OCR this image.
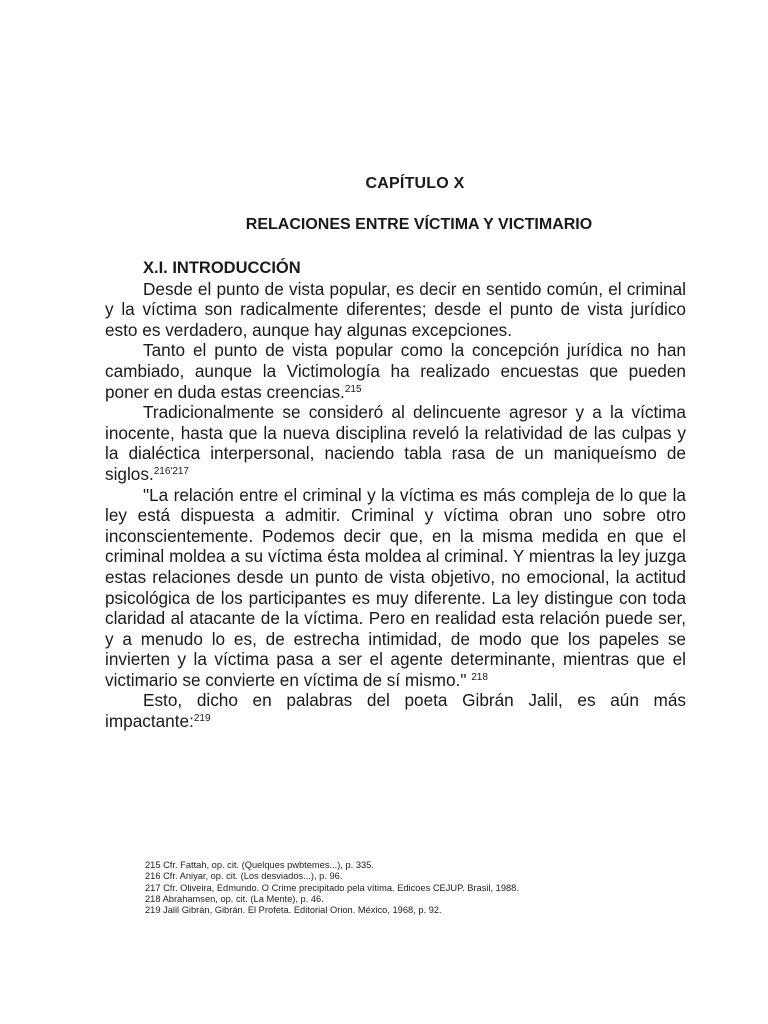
CAPÍTULO X
RELACIONES ENTRE VÍCTIMA Y VICTIMARIO
X.I. INTRODUCCIÓN

Desde el punto de vista popular, es decir en sentido común, el criminal y la víctima son radicalmente diferentes; desde el punto de vista jurídico esto es verdadero, aunque hay algunas excepciones.

Tanto el punto de vista popular como la concepción jurídica no han cambiado, aunque la Victimología ha realizado encuestas que pueden poner en duda estas creencias.$^{215}$

Tradicionalmente se consideró al delincuente agresor y a la víctima inocente, hasta que la nueva disciplina reveló la relatividad de las culpas y la dialéctica interpersonal, naciendo tabla rasa de un maniqueísmo de siglos.$^{216'217}$

"La relación entre el criminal y la víctima es más compleja de lo que la ley está dispuesta a admitir. Criminal y víctima obran uno sobre otro inconscientemente. Podemos decir que, en la misma medida en que el criminal moldea a su víctima ésta moldea al criminal. Y mientras la ley juzga estas relaciones desde un punto de vista objetivo, no emocional, la actitud psicológica de los participantes es muy diferente. La ley distingue con toda claridad al atacante de la víctima. Pero en realidad esta relación puede ser, y a menudo lo es, de estrecha intimidad, de modo que los papeles se invierten y la víctima pasa a ser el agente determinante, mientras que el victimario se convierte en víctima de sí mismo." $^{218}$

Esto, dicho en palabras del poeta Gibrán Jalil, es aún más impactante:$^{219}$

215 Cfr. Fattah, op. cit. (Quelques pwbtemes...), p. 335.
216 Cfr. Aniyar, op. cit. (Los desviados...), p. 96.
217 Cfr. Oliveira, Edmundo. O Crime precipitado pela vítima. Edicoes CEJUP. Brasil, 1988.
218 Abrahamsen, op. cit. (La Mente), p. 46.
219 Jalil Gibrán, Gibrán. El Profeta. Editorial Orion. México, 1968, p. 92.
